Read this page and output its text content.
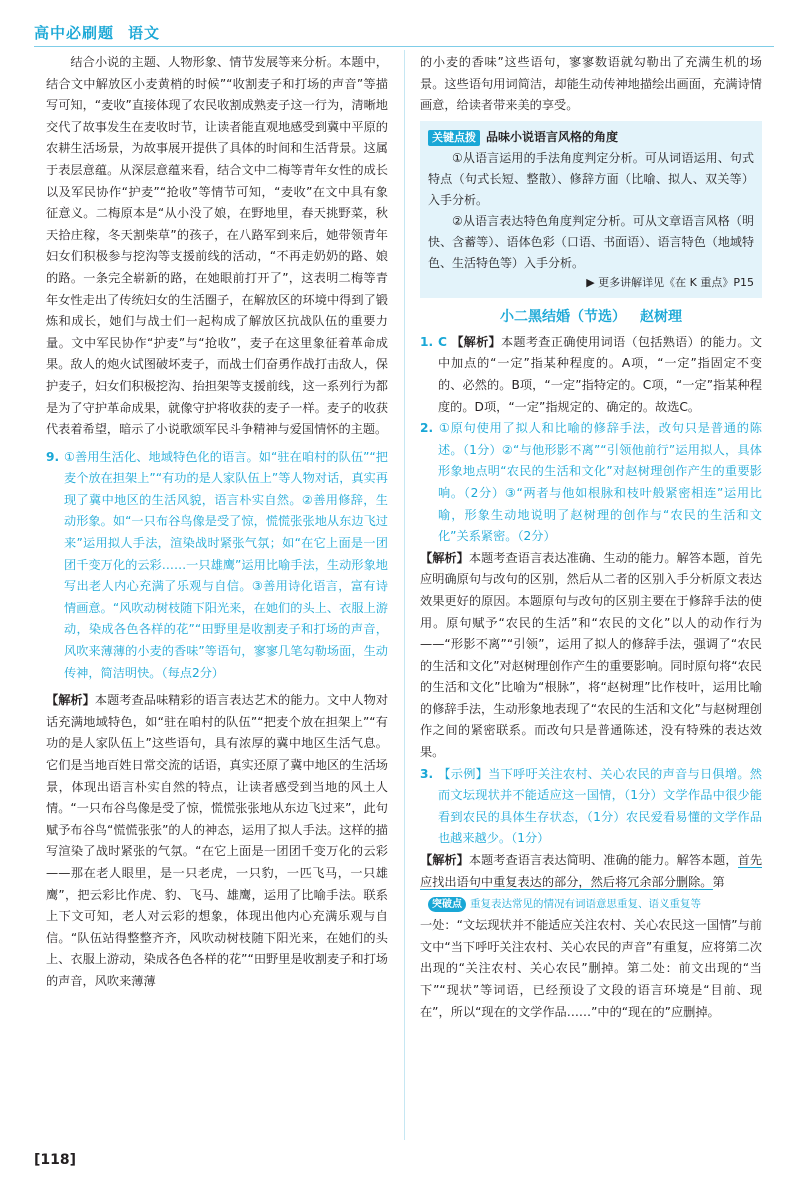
高中必刷题 语文

结合小说的主题、人物形象、情节发展等来分析。本题中，结合文中解放区小麦黄梢的时候”“收割麦子和打场的声音”等描写可知，“麦收”直接体现了农民收割成熟麦子这一行为，清晰地交代了故事发生在麦收时节，让读者能直观地感受到冀中平原的农耕生活场景，为故事展开提供了具体的时间和生活背景。这属于表层意蕴。从深层意蕴来看，结合文中二梅等青年女性的成长以及军民协作“护麦”“抢收”等情节可知，“麦收”在文中具有象征意义。二梅原本是“从小没了娘，在野地里，春天挑野菜，秋天拾庄稼，冬天割柴草”的孩子，在八路军到来后，她带领青年妇女们积极参与挖沟等支援前线的活动，“不再走奶奶的路、娘的路。一条完全崭新的路，在她眼前打开了”，这表明二梅等青年女性走出了传统妇女的生活圈子，在解放区的环境中得到了锻炼和成长，她们与战士们一起构成了解放区抗战队伍的重要力量。文中军民协作“护麦”与“抢收”，麦子在这里象征着革命成果。敌人的炮火试图破坏麦子，而战士们奋勇作战打击敌人，保护麦子，妇女们积极挖沟、抬担架等支援前线，这一系列行为都是为了守护革命成果，就像守护将收获的麦子一样。麦子的收获代表着希望，暗示了小说歌颂军民斗争精神与爱国情怀的主题。

9. ①善用生活化、地域特色化的语言。如“驻在咱村的队伍”“把麦个放在担架上”“有功的是人家队伍上”等人物对话，真实再现了冀中地区的生活风貌，语言朴实自然。②善用修辞，生动形象。如“一只布谷鸟像是受了惊，慌慌张张地从东边飞过来”运用拟人手法，渲染战时紧张气氛；如“在它上面是一团团千变万化的云彩……一只雄鹰”运用比喻手法，生动形象地写出老人内心充满了乐观与自信。③善用诗化语言，富有诗情画意。“风吹动树枝随下阳光来，在她们的头上、衣服上游动，染成各色各样的花”“田野里是收割麦子和打场的声音，风吹来薄薄的小麦的香味”等语句，寥寥几笔勾勒场面，生动传神，简洁明快。（每点2分）

【解析】本题考查品味精彩的语言表达艺术的能力。文中人物对话充满地域特色，如“驻在咱村的队伍”“把麦个放在担架上”“有功的是人家队伍上”这些语句，具有浓厚的冀中地区生活气息。它们是当地百姓日常交流的话语，真实还原了冀中地区的生活场景，体现出语言朴实自然的特点，让读者感受到当地的风土人情。“一只布谷鸟像是受了惊，慌慌张张地从东边飞过来”，此句赋予布谷鸟“慌慌张张”的人的神态，运用了拟人手法。这样的描写渲染了战时紧张的气氛。“在它上面是一团团千变万化的云彩——那在老人眼里，是一只老虎，一只豹，一匹飞马，一只雄鹰”，把云彩比作虎、豹、飞马、雄鹰，运用了比喻手法。联系上下文可知，老人对云彩的想象，体现出他内心充满乐观与自信。“队伍站得整整齐齐，风吹动树枝随下阳光来，在她们的头上、衣服上游动，染成各色各样的花”“田野里是收割麦子和打场的声音，风吹来薄薄

的小麦的香味”这些语句，寥寥数语就勾勒出了充满生机的场景。这些语句用词简洁，却能生动传神地描绘出画面，充满诗情画意，给读者带来美的享受。

关键点拨 品味小说语言风格的角度

①从语言运用的手法角度判定分析。可从词语运用、句式特点（句式长短、整散）、修辞方面（比喻、拟人、双关等）入手分析。

②从语言表达特色角度判定分析。可从文章语言风格（明快、含蓄等）、语体色彩（口语、书面语）、语言特色（地域特色、生活特色等）入手分析。

▶ 更多讲解详见《在 K 重点》P15
小二黑结婚（节选） 赵树理

1. C 【解析】本题考查正确使用词语（包括熟语）的能力。文中加点的“一定”指某种程度的。A项，“一定”指固定不变的、必然的。B项，“一定”指特定的。C项，“一定”指某种程度的。D项，“一定”指规定的、确定的。故选C。

2. ①原句使用了拟人和比喻的修辞手法，改句只是普通的陈述。（1分）②“与他形影不离”“引领他前行”运用拟人，具体形象地点明“农民的生活和文化”对赵树理创作产生的重要影响。（2分）③“两者与他如根脉和枝叶般紧密相连”运用比喻，形象生动地说明了赵树理的创作与“农民的生活和文化”关系紧密。（2分）

【解析】本题考查语言表达准确、生动的能力。解答本题，首先应明确原句与改句的区别，然后从二者的区别入手分析原文表达效果更好的原因。本题原句与改句的区别主要在于修辞手法的使用。原句赋予“农民的生活”和“农民的文化”以人的动作行为——“形影不离”“引领”，运用了拟人的修辞手法，强调了“农民的生活和文化”对赵树理创作产生的重要影响。同时原句将“农民的生活和文化”比喻为“根脉”，将“赵树理”比作枝叶，运用比喻的修辞手法，生动形象地表现了“农民的生活和文化”与赵树理创作之间的紧密联系。而改句只是普通陈述，没有特殊的表达效果。

3. 【示例】当下呼吁关注农村、关心农民的声音与日俱增。然而文坛现状并不能适应这一国情，（1分）文学作品中很少能看到农民的具体生存状态，（1分）农民爱看易懂的文学作品也越来越少。（1分）

【解析】本题考查语言表达简明、准确的能力。解答本题，首先应找出语句中重复表达的部分，然后将冗余部分删除。第

突破点 重复表达常见的情况有词语意思重复、语义重复等

一处：“文坛现状并不能适应关注农村、关心农民这一国情”与前文中“当下呼吁关注农村、关心农民的声音”有重复，应将第二次出现的“关注农村、关心农民”删掉。第二处：前文出现的“当下”“现状”等词语，已经预设了文段的语言环境是“目前、现在”，所以“现在的文学作品……”中的“现在的”应删掉。

[118]
